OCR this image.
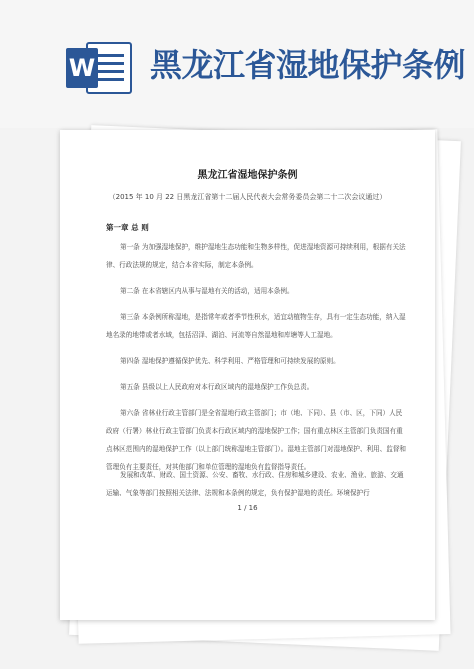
W 黑龙江省湿地保护条例
黑龙江省湿地保护条例
（2015 年 10 月 22 日黑龙江省第十二届人民代表大会常务委员会第二十二次会议通过）
第一章 总 则
第一条 为加强湿地保护，维护湿地生态功能和生物多样性，促进湿地资源可持续利用，根据有关法律、行政法规的规定，结合本省实际，制定本条例。
第二条 在本省辖区内从事与湿地有关的活动，适用本条例。
第三条 本条例所称湿地，是指常年或者季节性积水，适宜动植物生存，具有一定生态功能，纳入湿地名录的地带或者水域，包括沼泽、湖泊、河流等自然湿地和库塘等人工湿地。
第四条 湿地保护遵循保护优先、科学利用、严格管理和可持续发展的原则。
第五条 县级以上人民政府对本行政区域内的湿地保护工作负总责。
第六条 省林业行政主管部门是全省湿地行政主管部门；市（地、下同）、县（市、区，下同）人民政府（行署）林业行政主管部门负责本行政区域内的湿地保护工作；国有重点林区主管部门负责国有重点林区范围内的湿地保护工作（以上部门统称湿地主管部门）。湿地主管部门对湿地保护、利用、监督和管理负有主要责任，对其他部门和单位管理的湿地负有监督指导责任。
发展和改革、财政、国土资源、公安、畜牧、水行政、住房和城乡建设、农业、渔业、旅游、交通运输、气象等部门按照相关法律、法规和本条例的规定，负有保护湿地的责任。环境保护行
1 / 16
